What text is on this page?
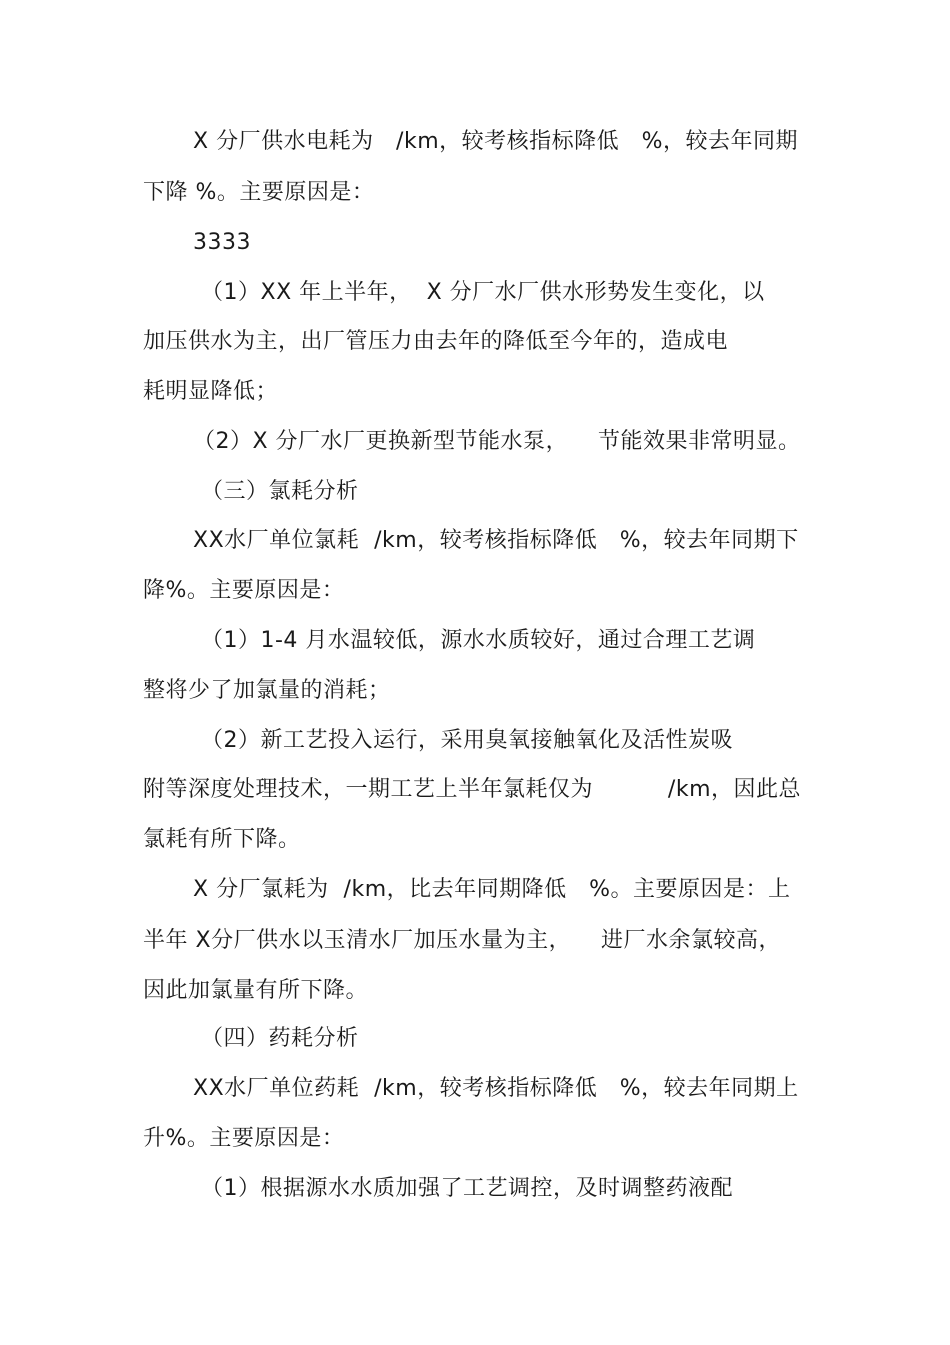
X 分厂供水电耗为   /km，较考核指标降低   %，较去年同期
下降 %。主要原因是：
3333
（1）XX 年上半年，  X 分厂水厂供水形势发生变化，以
加压供水为主，出厂管压力由去年的降低至今年的，造成电
耗明显降低；
（2）X 分厂水厂更换新型节能水泵，    节能效果非常明显。
（三）氯耗分析
XX水厂单位氯耗  /km，较考核指标降低   %，较去年同期下
降%。主要原因是：
（1）1-4 月水温较低，源水水质较好，通过合理工艺调
整将少了加氯量的消耗；
（2）新工艺投入运行，采用臭氧接触氧化及活性炭吸
附等深度处理技术，一期工艺上半年氯耗仅为          /km，因此总
氯耗有所下降。
X 分厂氯耗为  /km，比去年同期降低   %。主要原因是：上
半年 X分厂供水以玉清水厂加压水量为主，    进厂水余氯较高，
因此加氯量有所下降。
（四）药耗分析
XX水厂单位药耗  /km，较考核指标降低   %，较去年同期上
升%。主要原因是：
（1）根据源水水质加强了工艺调控，及时调整药液配
